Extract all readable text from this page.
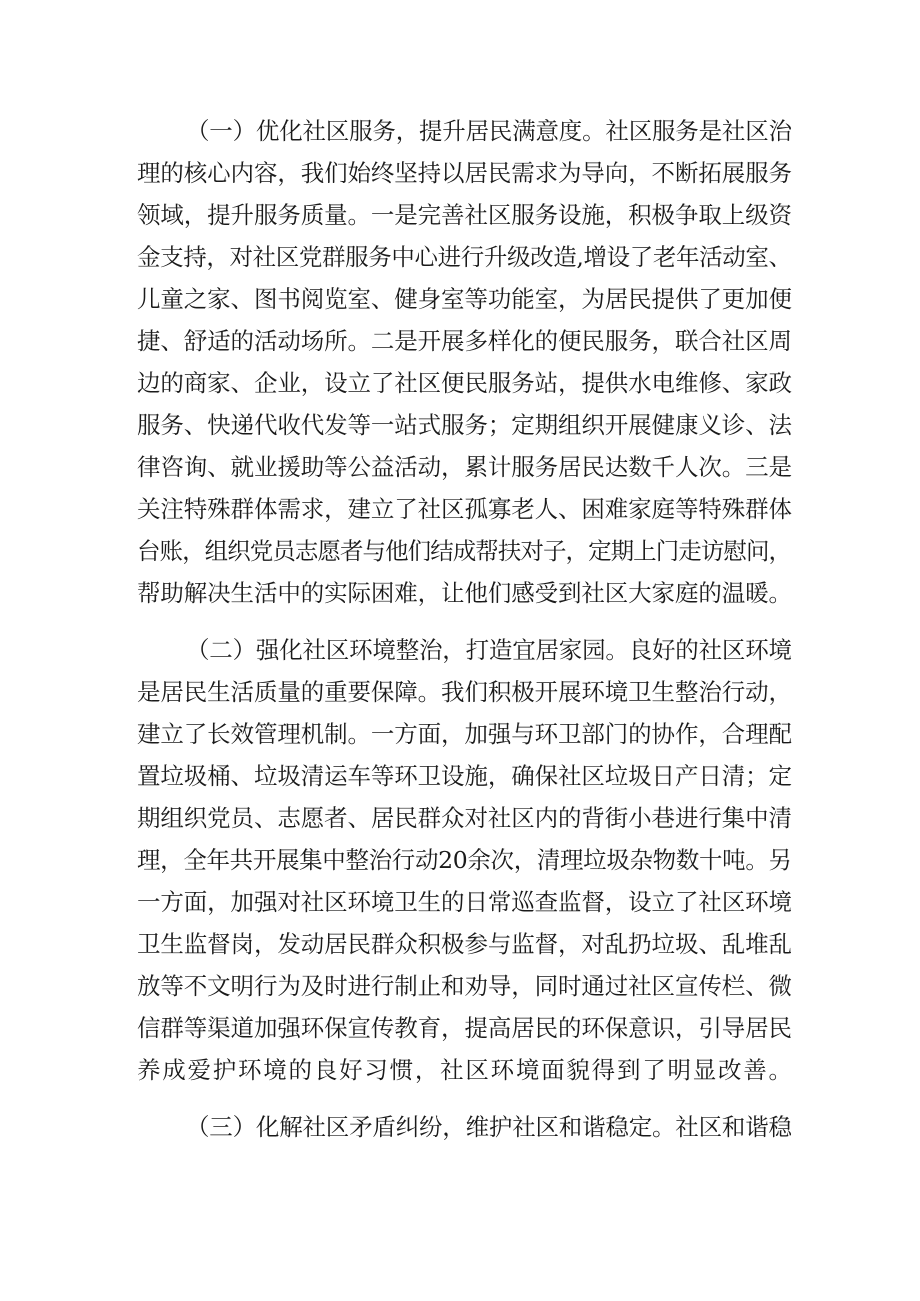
（一）优化社区服务，提升居民满意度。社区服务是社区治
理的核心内容，我们始终坚持以居民需求为导向，不断拓展服务
领域，提升服务质量。一是完善社区服务设施，积极争取上级资
金支持，对社区党群服务中心进行升级改造,增设了老年活动室、
儿童之家、图书阅览室、健身室等功能室，为居民提供了更加便
捷、舒适的活动场所。二是开展多样化的便民服务，联合社区周
边的商家、企业，设立了社区便民服务站，提供水电维修、家政
服务、快递代收代发等一站式服务；定期组织开展健康义诊、法
律咨询、就业援助等公益活动，累计服务居民达数千人次。三是
关注特殊群体需求，建立了社区孤寡老人、困难家庭等特殊群体
台账，组织党员志愿者与他们结成帮扶对子，定期上门走访慰问，
帮助解决生活中的实际困难，让他们感受到社区大家庭的温暖。
（二）强化社区环境整治，打造宜居家园。良好的社区环境
是居民生活质量的重要保障。我们积极开展环境卫生整治行动，
建立了长效管理机制。一方面，加强与环卫部门的协作，合理配
置垃圾桶、垃圾清运车等环卫设施，确保社区垃圾日产日清；定
期组织党员、志愿者、居民群众对社区内的背街小巷进行集中清
理，全年共开展集中整治行动20余次，清理垃圾杂物数十吨。另
一方面，加强对社区环境卫生的日常巡查监督，设立了社区环境
卫生监督岗，发动居民群众积极参与监督，对乱扔垃圾、乱堆乱
放等不文明行为及时进行制止和劝导，同时通过社区宣传栏、微
信群等渠道加强环保宣传教育，提高居民的环保意识，引导居民
养成爱护环境的良好习惯，社区环境面貌得到了明显改善。
（三）化解社区矛盾纠纷，维护社区和谐稳定。社区和谐稳
